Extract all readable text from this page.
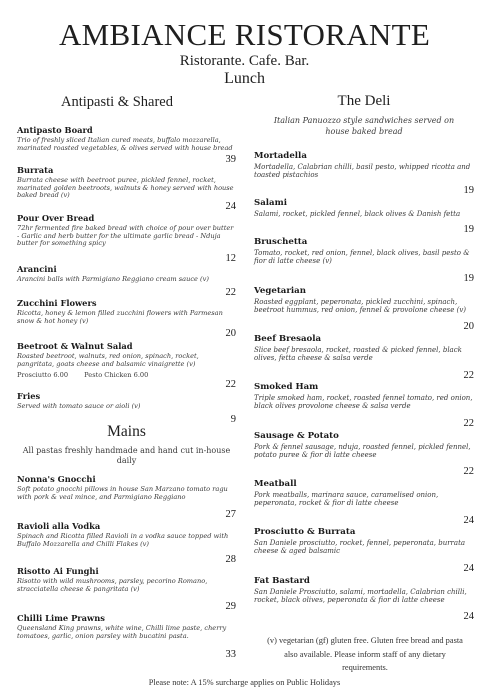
AMBIANCE RISTORANTE
Ristorante. Cafe. Bar.
Lunch
Antipasti & Shared
Antipasto Board
Trio of freshly sliced Italian cured meats, buffalo mozzarella, marinated roasted vegetables, & olives served with house bread
39
Burrata
Burrata cheese with beetroot puree, pickled fennel, rocket, marinated golden beetroots, walnuts & honey served with house baked bread (v)
24
Pour Over Bread
72hr fermented fire baked bread with choice of pour over butter - Garlic and herb butter for the ultimate garlic bread - Nduja butter for something spicy
12
Arancini
Arancini balls with Parmigiano Reggiano cream sauce (v)
22
Zucchini Flowers
Ricotta, honey & lemon filled zucchini flowers with Parmesan snow & hot honey (v)
20
Beetroot & Walnut Salad
Roasted beetroot, walnuts, red onion, spinach, rocket, pangritata, goats cheese and balsamic vinaigrette (v)
Prosciutto 6.00 Pesto Chicken 6.00
22
Fries
Served with tomato sauce or aioli (v)
9
Mains
All pastas freshly handmade and hand cut in-house daily
Nonna's Gnocchi
Soft potato gnocchi pillows in house San Marzano tomato ragu with pork & veal mince, and Parmigiano Reggiano
27
Ravioli alla Vodka
Spinach and Ricotta filled Ravioli in a vodka sauce topped with Buffalo Mozzarella and Chilli Flakes (v)
28
Risotto Ai Funghi
Risotto with wild mushrooms, parsley, pecorino Romano, stracciatella cheese & pangritata (v)
29
Chilli Lime Prawns
Queensland King prawns, white wine, Chilli lime paste, cherry tomatoes, garlic, onion parsley with bucatini pasta.
33
The Deli
Italian Panuozzo style sandwiches served on house baked bread
Mortadella
Mortadella, Calabrian chilli, basil pesto, whipped ricotta and toasted pistachios
19
Salami
Salami, rocket, pickled fennel, black olives & Danish fetta
19
Bruschetta
Tomato, rocket, red onion, fennel, black olives, basil pesto & fior di latte cheese (v)
19
Vegetarian
Roasted eggplant, peperonata, pickled zucchini, spinach, beetroot hummus, red onion, fennel & provolone cheese (v)
20
Beef Bresaola
Slice beef bresaola, rocket, roasted & picked fennel, black olives, fetta cheese & salsa verde
22
Smoked Ham
Triple smoked ham, rocket, roasted fennel tomato, red onion, black olives provolone cheese & salsa verde
22
Sausage & Potato
Pork & fennel sausage, nduja, roasted fennel, pickled fennel, potato puree & fior di latte cheese
22
Meatball
Pork meatballs, marinara sauce, caramelised onion, peperonata, rocket & fior di latte cheese
24
Prosciutto & Burrata
San Daniele prosciutto, rocket, fennel, peperonata, burrata cheese & aged balsamic
24
Fat Bastard
San Daniele Prosciutto, salami, mortadella, Calabrian chilli, rocket, black olives, peperonata & fior di latte cheese
24
(v) vegetarian (gf) gluten free. Gluten free bread and pasta also available. Please inform staff of any dietary requirements.
Please note: A 15% surcharge applies on Public Holidays
